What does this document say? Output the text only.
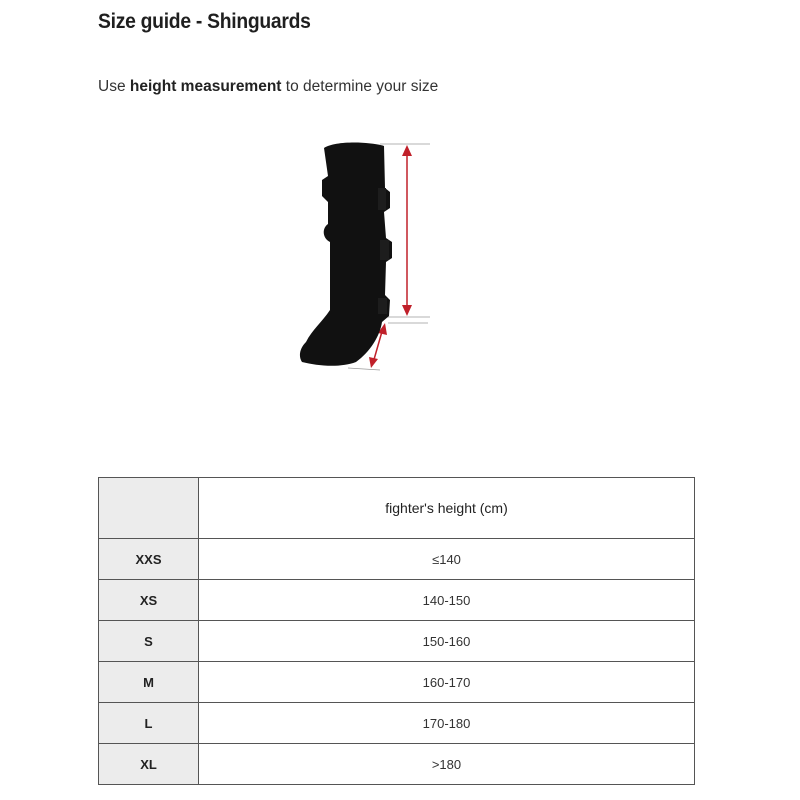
Size guide - Shinguards
Use height measurement to determine your size
	fighter's height (cm)
XXS	≤140
XS	140-150
S	150-160
M	160-170
L	170-180
XL	>180
